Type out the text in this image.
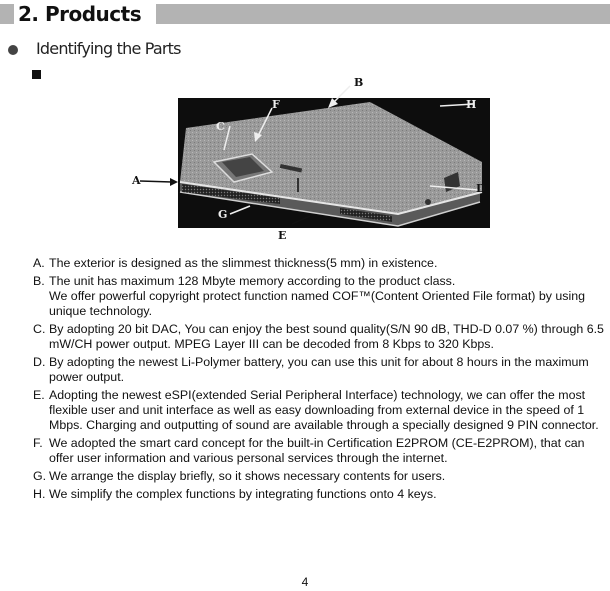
2. Products
Identifying the Parts
A
B
C
D
E
F
G
H
A. The exterior is designed as the slimmest thickness(5 mm) in existence.

B. The unit has maximum 128 Mbyte memory according to the product class.

We offer powerful copyright protect function named COF™(Content Oriented File format) by using unique technology.

C. By adopting 20 bit DAC, You can enjoy the best sound quality(S/N 90 dB, THD-D 0.07 %) through 6.5 mW/CH power output. MPEG Layer III can be decoded from 8 Kbps to 320 Kbps.

D. By adopting the newest Li-Polymer battery, you can use this unit for about 8 hours in the maximum power output.

E. Adopting the newest eSPI(extended Serial Peripheral Interface) technology, we can offer the most flexible user and unit interface as well as easy downloading from external device in the speed of 1 Mbps. Charging and outputting of sound are available through a specially designed 9 PIN connector.

F. We adopted the smart card concept for the built-in Certification E2PROM (CE-E2PROM), that can offer user information and various personal services through the internet.

G. We arrange the display briefly, so it shows necessary contents for users.

H. We simplify the complex functions by integrating functions onto 4 keys.

4
